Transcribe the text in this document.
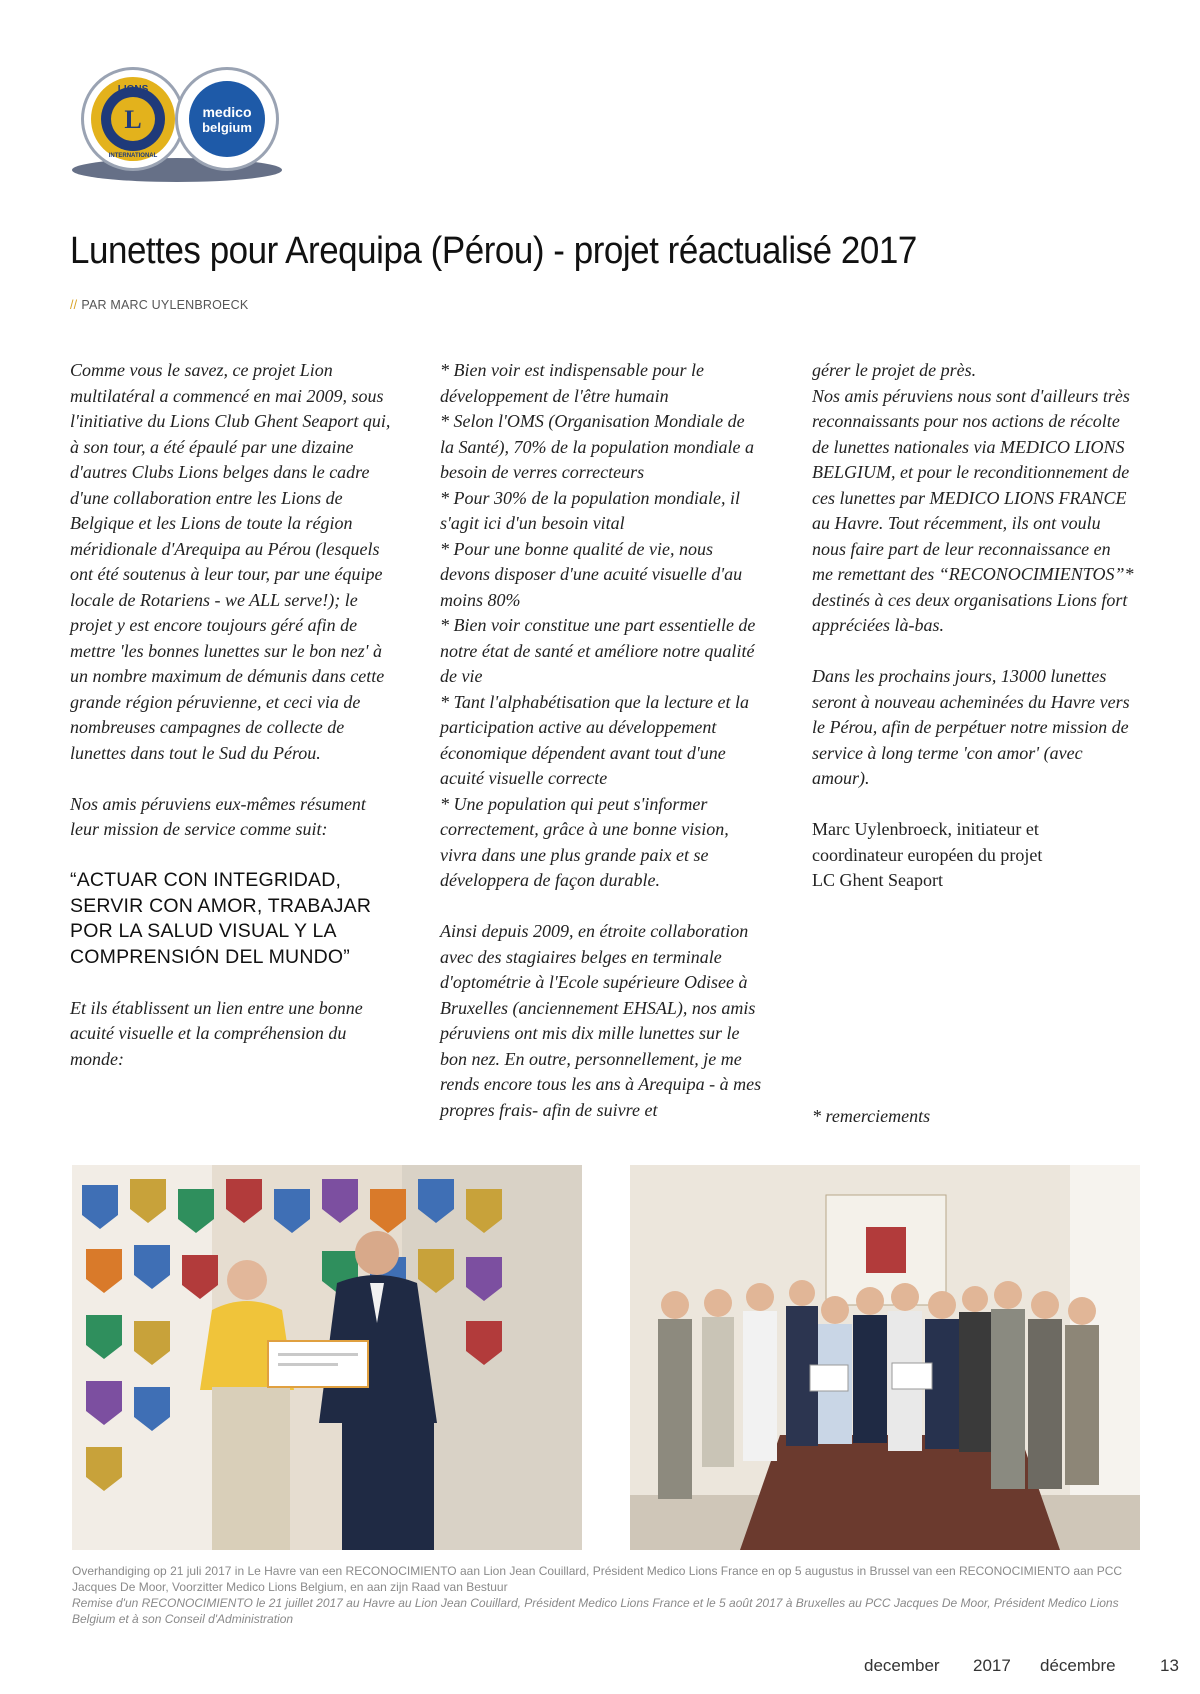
LIONS
L
INTERNATIONAL
medico
belgium
Lunettes pour Arequipa (Pérou) - projet réactualisé 2017
// PAR MARC UYLENBROECK

Comme vous le savez, ce projet Lion multilatéral a commencé en mai 2009, sous l'initiative du Lions Club Ghent Seaport qui, à son tour, a été épaulé par une dizaine d'autres Clubs Lions belges dans le cadre d'une collaboration entre les Lions de Belgique et les Lions de toute la région méridionale d'Arequipa au Pérou (lesquels ont été soutenus à leur tour, par une équipe locale de Rotariens - we ALL serve!); le projet y est encore toujours géré afin de mettre 'les bonnes lunettes sur le bon nez' à un nombre maximum de démunis dans cette grande région péruvienne, et ceci via de nombreuses campagnes de collecte de lunettes dans tout le Sud du Pérou.

Nos amis péruviens eux-mêmes résument leur mission de service comme suit:

“ACTUAR CON INTEGRIDAD, SERVIR CON AMOR, TRABAJAR POR LA SALUD VISUAL Y LA COMPRENSIÓN DEL MUNDO”

Et ils établissent un lien entre une bonne acuité visuelle et la compréhension du monde:

* Bien voir est indispensable pour le développement de l'être humain

* Selon l'OMS (Organisation Mondiale de la Santé), 70% de la population mondiale a besoin de verres correcteurs

* Pour 30% de la population mondiale, il s'agit ici d'un besoin vital

* Pour une bonne qualité de vie, nous devons disposer d'une acuité visuelle d'au moins 80%

* Bien voir constitue une part essentielle de notre état de santé et améliore notre qualité de vie

* Tant l'alphabétisation que la lecture et la participation active au développement économique dépendent avant tout d'une acuité visuelle correcte

* Une population qui peut s'informer correctement, grâce à une bonne vision, vivra dans une plus grande paix et se développera de façon durable.

Ainsi depuis 2009, en étroite collaboration avec des stagiaires belges en terminale d'optométrie à l'Ecole supérieure Odisee à Bruxelles (anciennement EHSAL), nos amis péruviens ont mis dix mille lunettes sur le bon nez. En outre, personnellement, je me rends encore tous les ans à Arequipa - à mes propres frais- afin de suivre et

gérer le projet de près.

Nos amis péruviens nous sont d'ailleurs très reconnaissants pour nos actions de récolte de lunettes nationales via MEDICO LIONS BELGIUM, et pour le reconditionnement de ces lunettes par MEDICO LIONS FRANCE au Havre. Tout récemment, ils ont voulu nous faire part de leur reconnaissance en me remettant des “RECONOCIMIENTOS”* destinés à ces deux organisations Lions fort appréciées là-bas.

Dans les prochains jours, 13000 lunettes seront à nouveau acheminées du Havre vers le Pérou, afin de perpétuer notre mission de service à long terme 'con amor' (avec amour).

Marc Uylenbroeck, initiateur et coordinateur européen du projet

LC Ghent Seaport

* remerciements

Overhandiging op 21 juli 2017 in Le Havre van een RECONOCIMIENTO aan Lion Jean Couillard, Président Medico Lions France en op 5 augustus in Brussel van een RECONOCIMIENTO aan PCC Jacques De Moor, Voorzitter Medico Lions Belgium, en aan zijn Raad van Bestuur

Remise d'un RECONOCIMIENTO le 21 juillet 2017 au Havre au Lion Jean Couillard, Président Medico Lions France et le 5 août 2017 à Bruxelles au PCC Jacques De Moor, Président Medico Lions Belgium et à son Conseil d'Administration

december 2017 décembre	13
